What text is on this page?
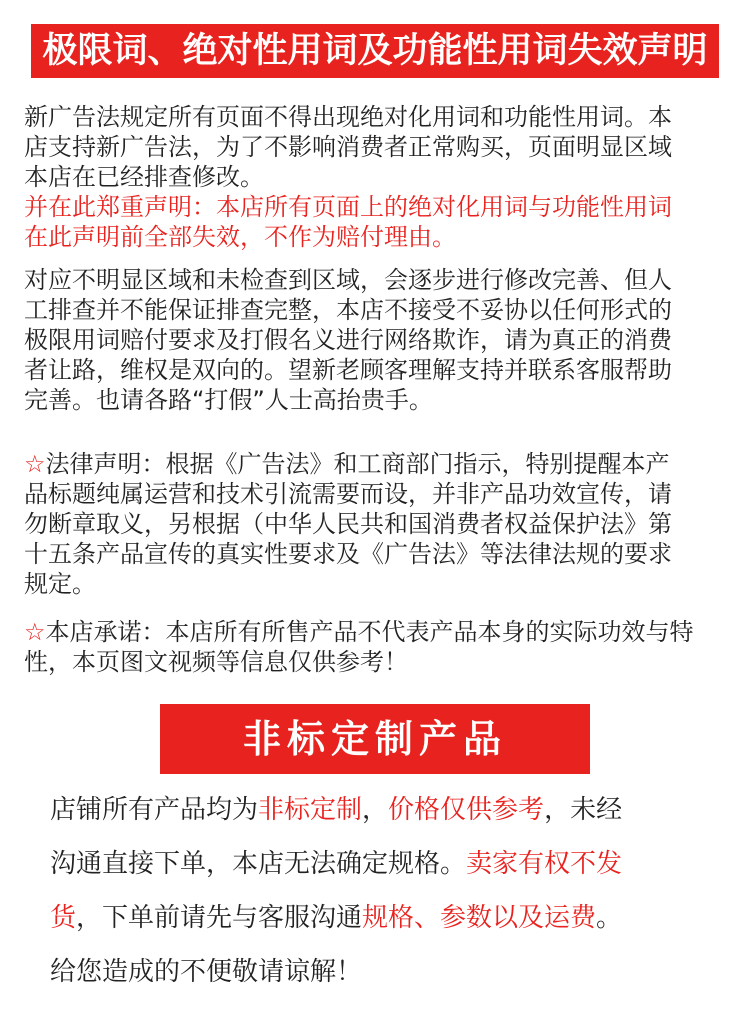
极限词、绝对性用词及功能性用词失效声明
新广告法规定所有页面不得出现绝对化用词和功能性用词。本
店支持新广告法，为了不影响消费者正常购买，页面明显区域
本店在已经排查修改。
并在此郑重声明：本店所有页面上的绝对化用词与功能性用词
在此声明前全部失效，不作为赔付理由。
对应不明显区域和未检查到区域，会逐步进行修改完善、但人
工排查并不能保证排查完整，本店不接受不妥协以任何形式的
极限用词赔付要求及打假名义进行网络欺诈，请为真正的消费
者让路，维权是双向的。望新老顾客理解支持并联系客服帮助
完善。也请各路“打假”人士高抬贵手。
☆法律声明：根据《广告法》和工商部门指示，特别提醒本产
品标题纯属运营和技术引流需要而设，并非产品功效宣传，请
勿断章取义，另根据（中华人民共和国消费者权益保护法》第
十五条产品宣传的真实性要求及《广告法》等法律法规的要求
规定。
☆本店承诺：本店所有所售产品不代表产品本身的实际功效与特
性，本页图文视频等信息仅供参考！
非标定制产品
店铺所有产品均为非标定制，价格仅供参考，未经
沟通直接下单，本店无法确定规格。卖家有权不发
货，下单前请先与客服沟通规格、参数以及运费。
给您造成的不便敬请谅解！
